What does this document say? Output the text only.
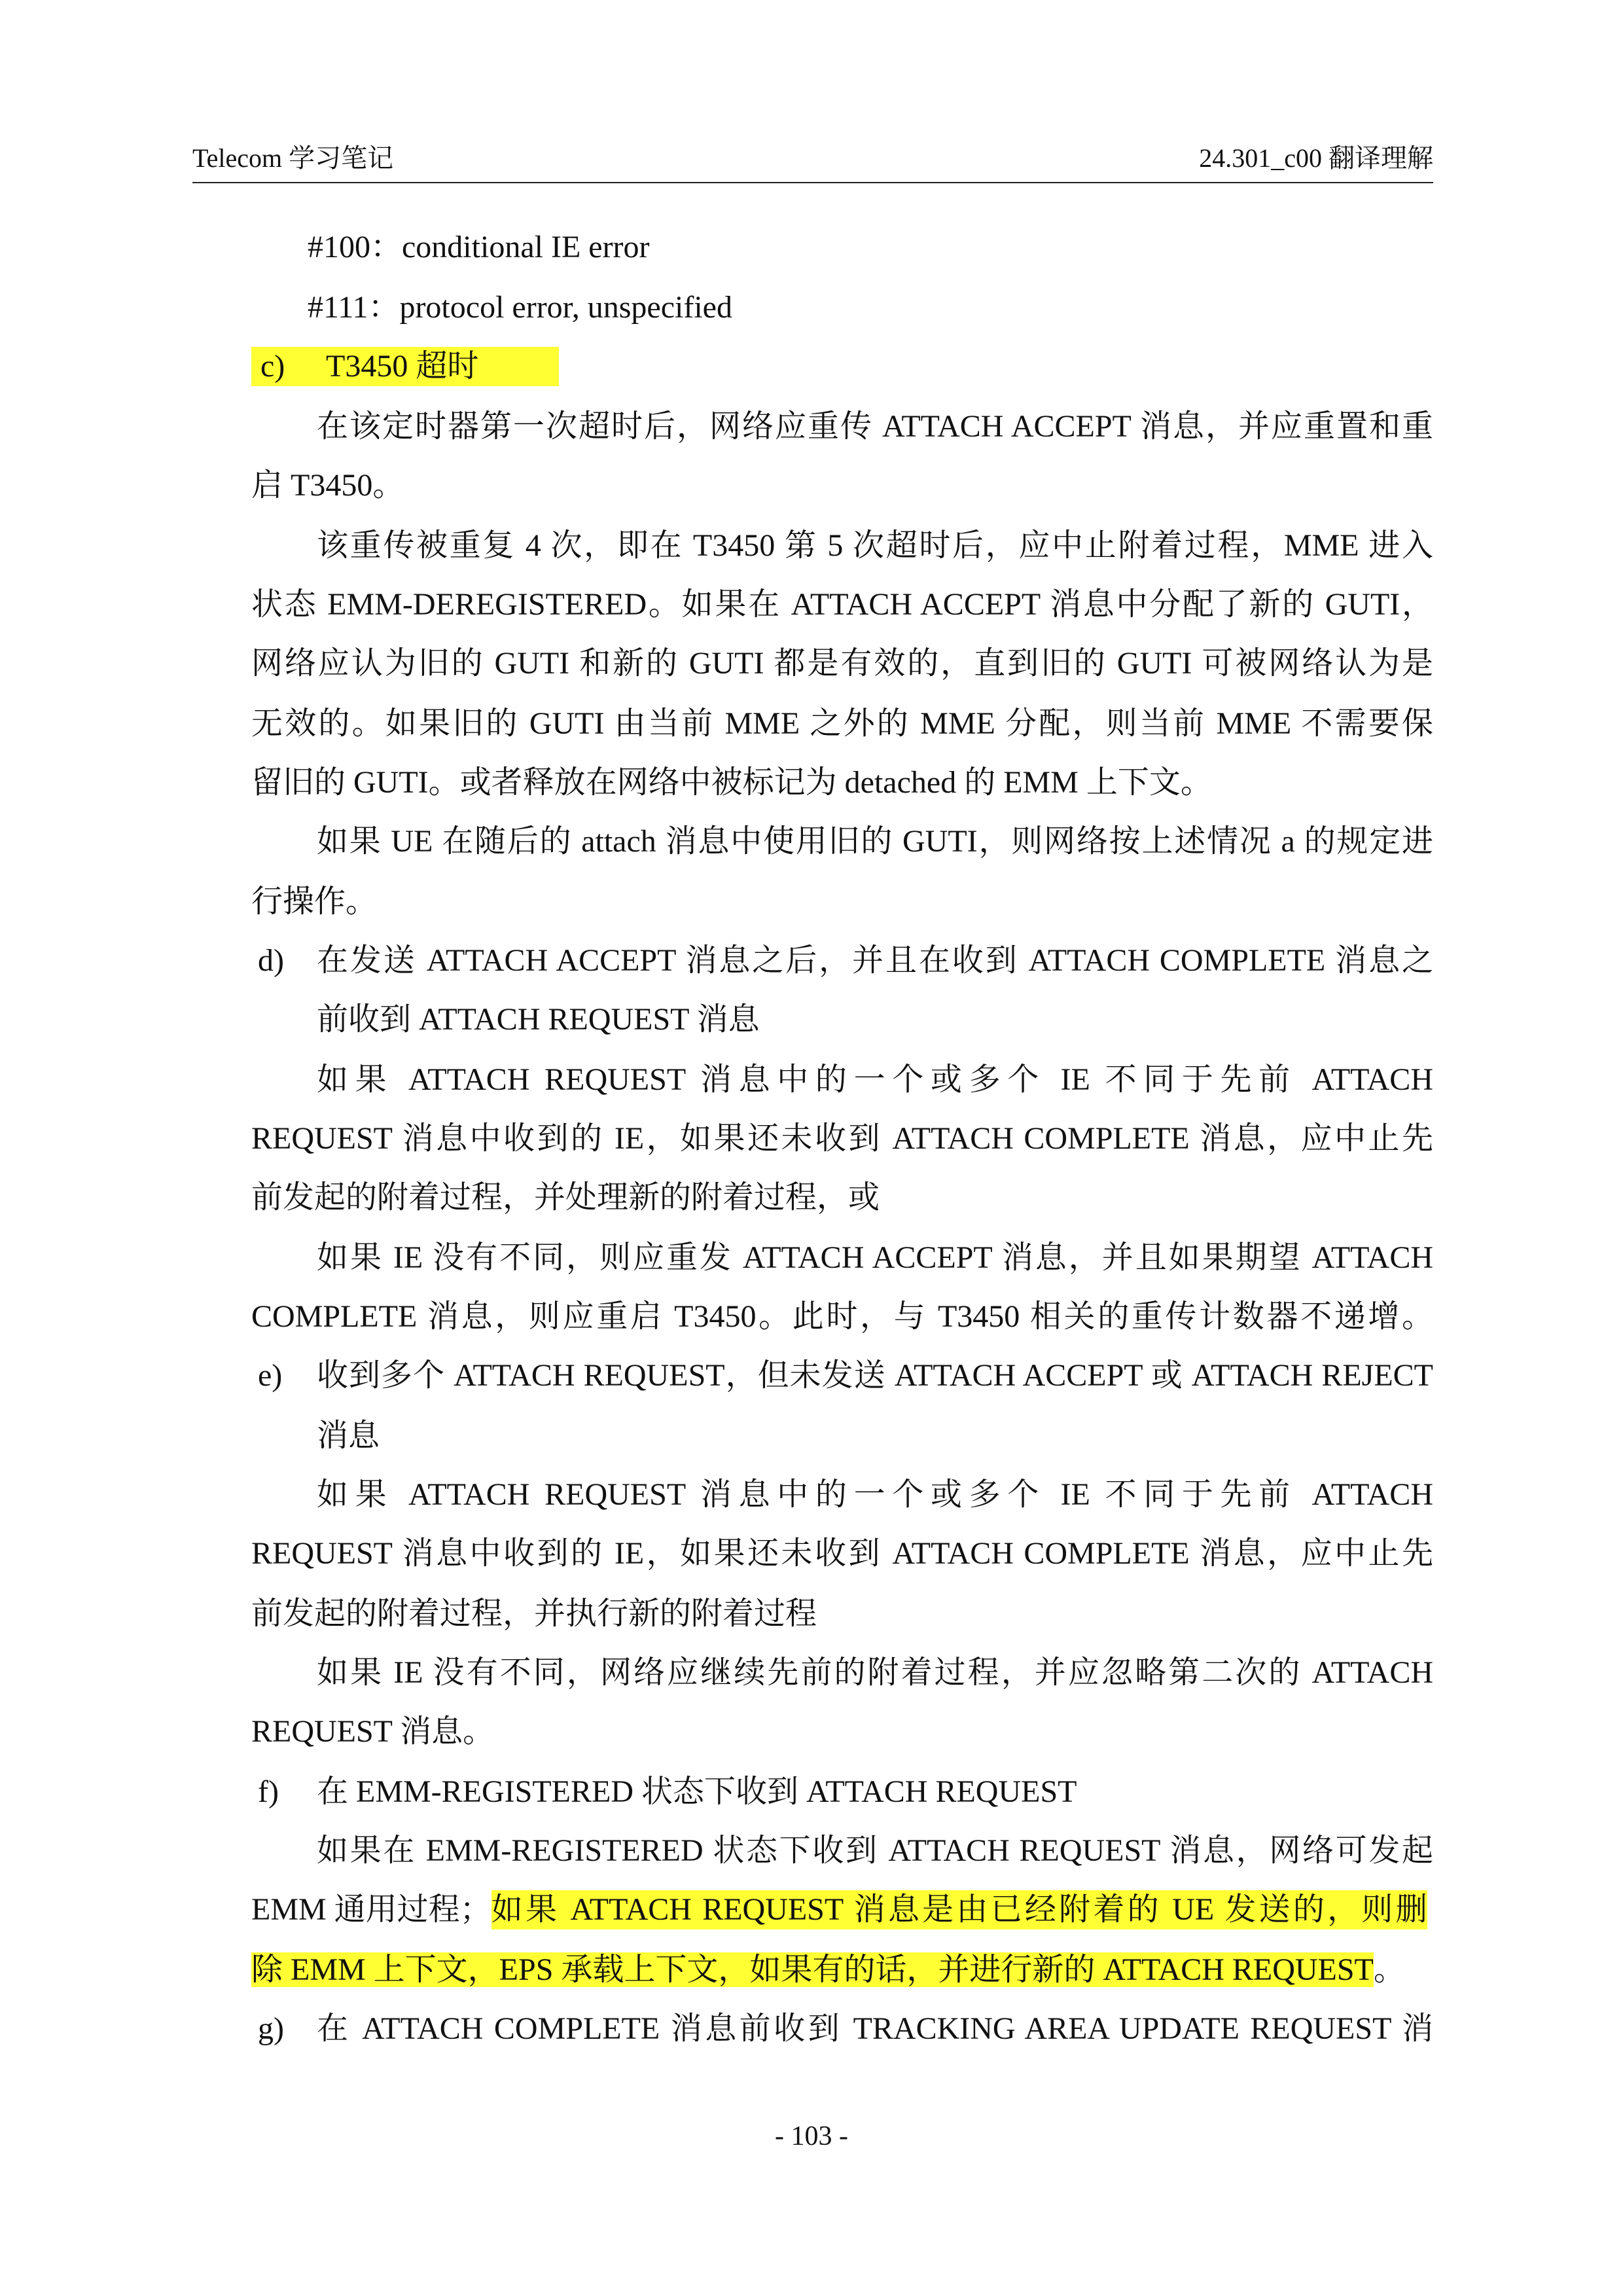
Telecom 学习笔记	24.301_c00 翻译理解
#100：conditional IE error
#111：protocol error, unspecified
c) T3450 超时
在该定时器第一次超时后，网络应重传 ATTACH ACCEPT 消息，并应重置和重
启 T3450。
该重传被重复 4 次，即在 T3450 第 5 次超时后，应中止附着过程，MME 进入
状态 EMM-DEREGISTERED。如果在 ATTACH ACCEPT 消息中分配了新的 GUTI，
网络应认为旧的 GUTI 和新的 GUTI 都是有效的，直到旧的 GUTI 可被网络认为是
无效的。如果旧的 GUTI 由当前 MME 之外的 MME 分配，则当前 MME 不需要保
留旧的 GUTI。或者释放在网络中被标记为 detached 的 EMM 上下文。
如果 UE 在随后的 attach 消息中使用旧的 GUTI，则网络按上述情况 a 的规定进
行操作。
d) 在发送 ATTACH ACCEPT 消息之后，并且在收到 ATTACH COMPLETE 消息之
前收到 ATTACH REQUEST 消息
如果 ATTACH REQUEST 消息中的一个或多个 IE 不同于先前 ATTACH
REQUEST 消息中收到的 IE，如果还未收到 ATTACH COMPLETE 消息，应中止先
前发起的附着过程，并处理新的附着过程，或
如果 IE 没有不同，则应重发 ATTACH ACCEPT 消息，并且如果期望 ATTACH
COMPLETE 消息，则应重启 T3450。此时，与 T3450 相关的重传计数器不递增。
e) 收到多个 ATTACH REQUEST，但未发送 ATTACH ACCEPT 或 ATTACH REJECT
消息
如果 ATTACH REQUEST 消息中的一个或多个 IE 不同于先前 ATTACH
REQUEST 消息中收到的 IE，如果还未收到 ATTACH COMPLETE 消息，应中止先
前发起的附着过程，并执行新的附着过程
如果 IE 没有不同，网络应继续先前的附着过程，并应忽略第二次的 ATTACH
REQUEST 消息。
f) 在 EMM-REGISTERED 状态下收到 ATTACH REQUEST
如果在 EMM-REGISTERED 状态下收到 ATTACH REQUEST 消息，网络可发起
EMM 通用过程；如果 ATTACH REQUEST 消息是由已经附着的 UE 发送的，则删
除 EMM 上下文，EPS 承载上下文，如果有的话，并进行新的 ATTACH REQUEST。
g) 在 ATTACH COMPLETE 消息前收到 TRACKING AREA UPDATE REQUEST 消
- 103 -
